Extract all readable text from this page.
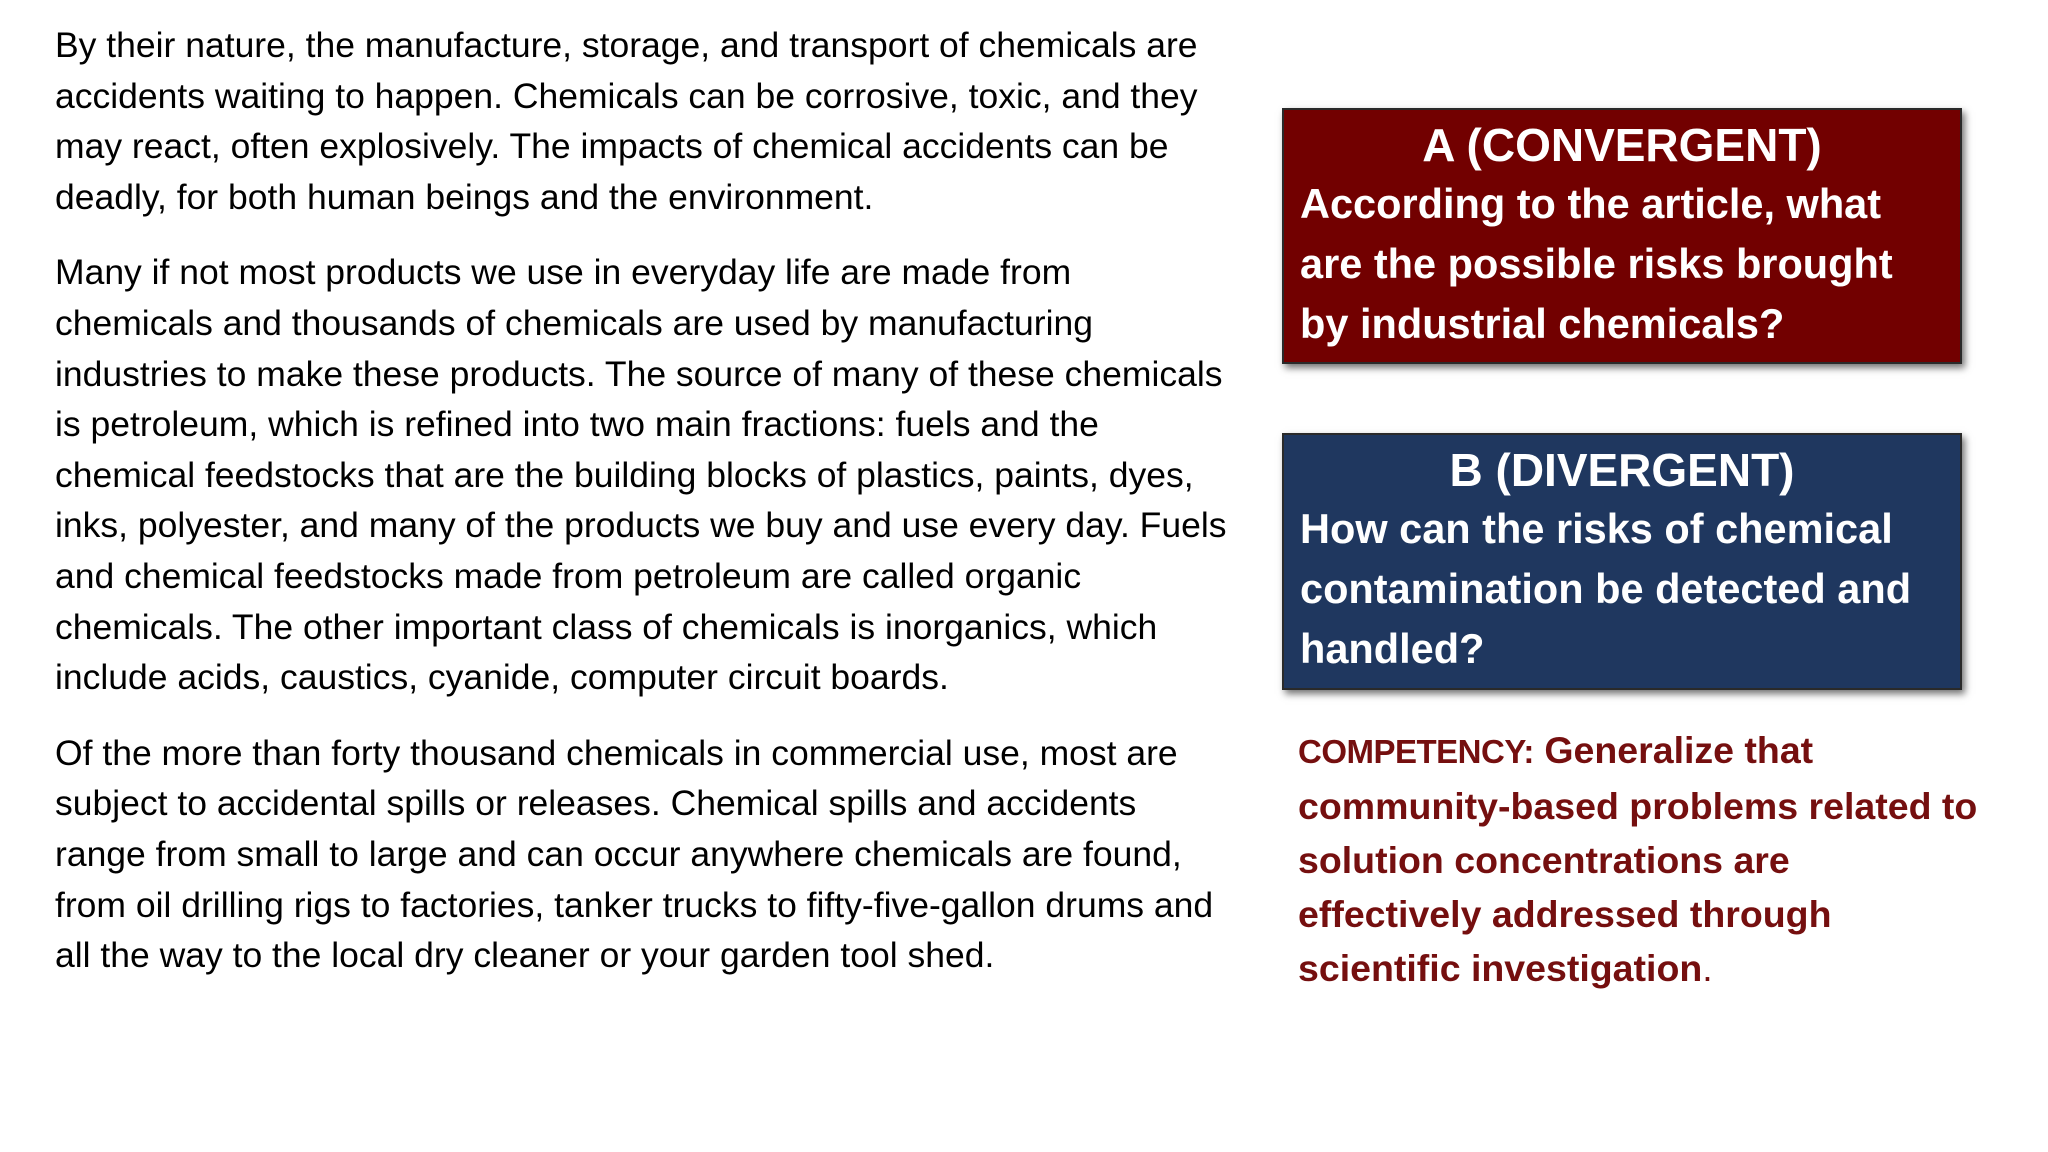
By their nature, the manufacture, storage, and transport of chemicals are accidents waiting to happen. Chemicals can be corrosive, toxic, and they may react, often explosively. The impacts of chemical accidents can be deadly, for both human beings and the environment.

Many if not most products we use in everyday life are made from chemicals and thousands of chemicals are used by manufacturing industries to make these products. The source of many of these chemicals is petroleum, which is refined into two main fractions: fuels and the chemical feedstocks that are the building blocks of plastics, paints, dyes, inks, polyester, and many of the products we buy and use every day. Fuels and chemical feedstocks made from petroleum are called organic chemicals. The other important class of chemicals is inorganics, which include acids, caustics, cyanide, computer circuit boards.

Of the more than forty thousand chemicals in commercial use, most are subject to accidental spills or releases. Chemical spills and accidents range from small to large and can occur anywhere chemicals are found, from oil drilling rigs to factories, tanker trucks to fifty-five-gallon drums and all the way to the local dry cleaner or your garden tool shed.

A (CONVERGENT)
According to the article, what are the possible risks brought by industrial chemicals?
B (DIVERGENT)
How can the risks of chemical contamination be detected and handled?
COMPETENCY: Generalize that community-based problems related to solution concentrations are effectively addressed through scientific investigation.
